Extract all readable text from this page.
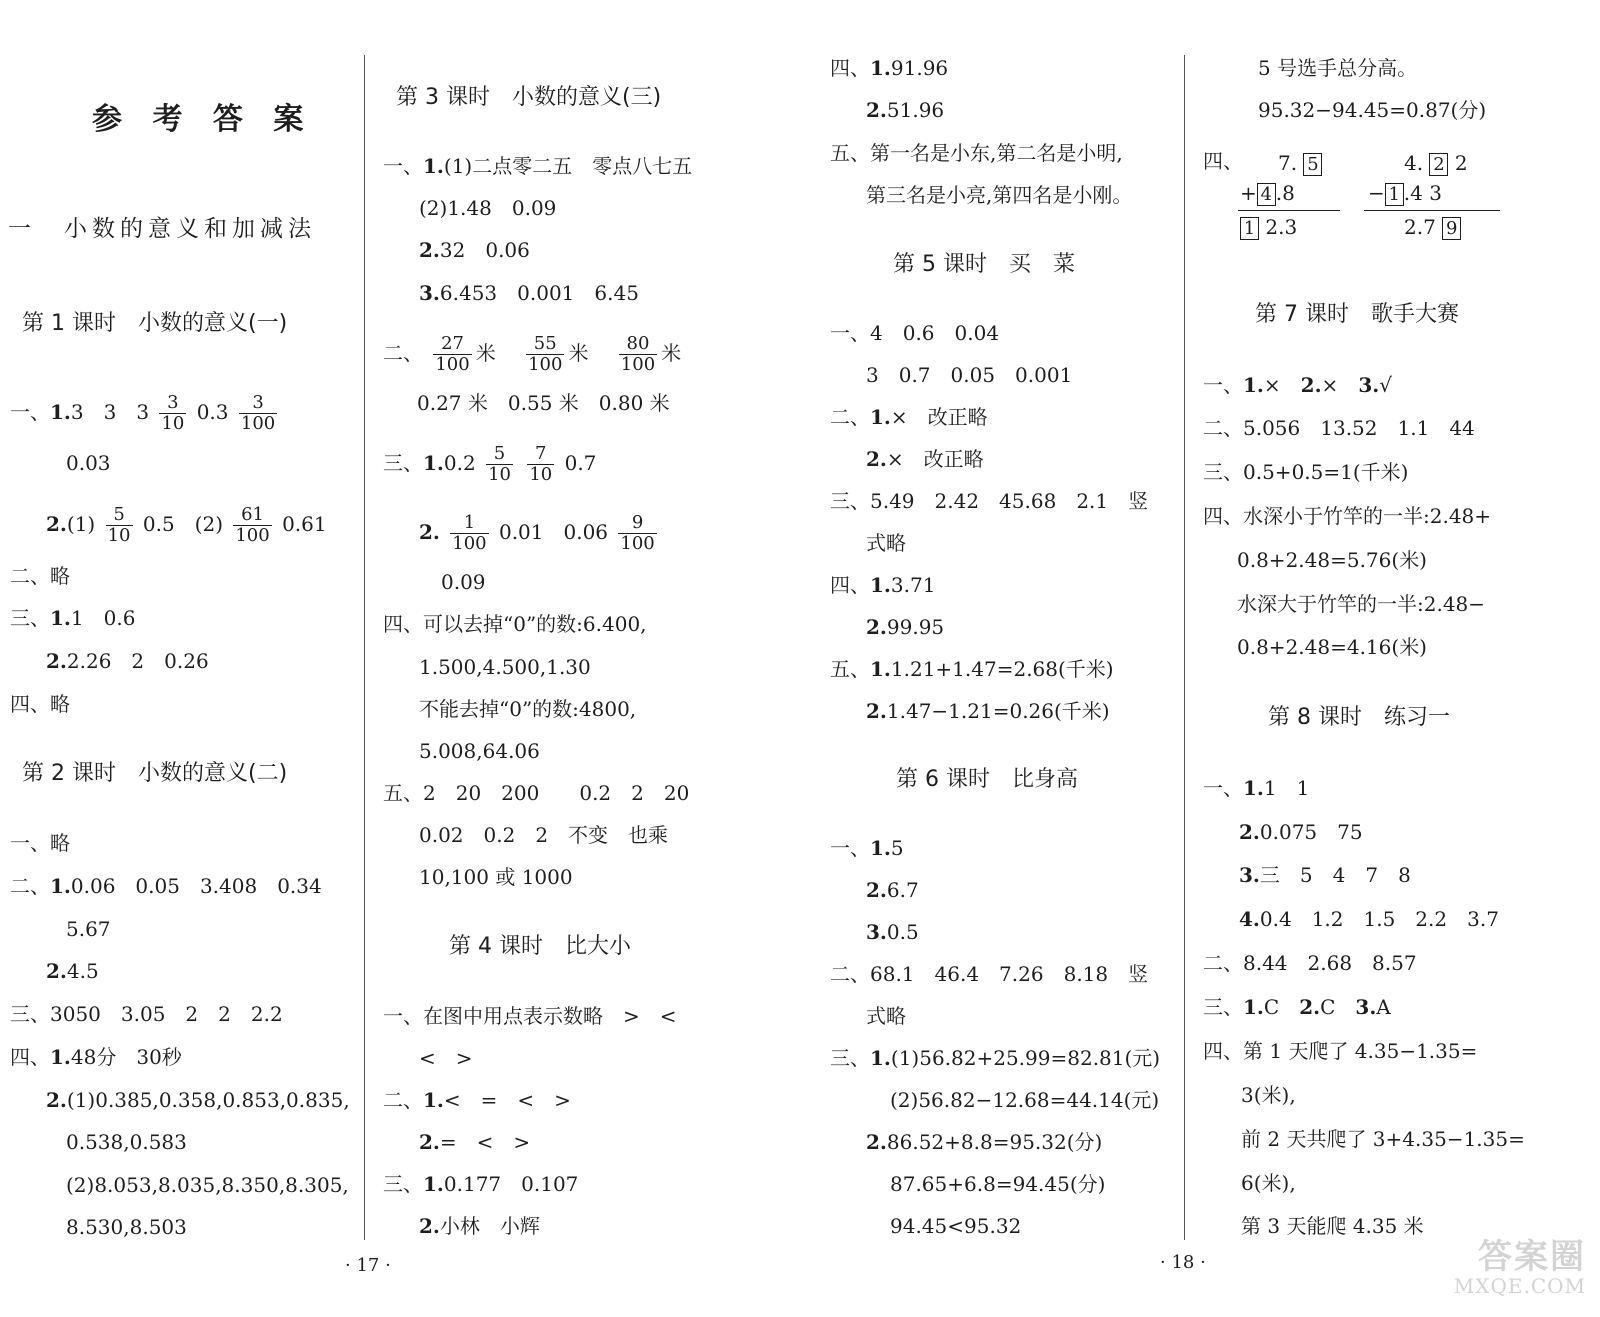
参 考 答 案
一　小数的意义和加减法
第 1 课时　小数的意义(一)
一、1.3　3　$3 \frac{3}{10} 0.3 \frac{3}{100}$
0.03
$2.(1) \frac{5}{10} 0.5$　$(2) \frac{61}{100} 0.61$
二、略
三、1.1　0.6
2.2.26　2　0.26
四、略
第 2 课时　小数的意义(二)
一、略
二、1.0.06　0.05　3.408　0.34
5.67
2.4.5
三、3050　3.05　2　2　2.2
四、1.48分　30秒
2.(1)0.385,0.358,0.853,0.835,
0.538,0.583
(2)8.053,8.035,8.350,8.305,
8.530,8.503
· 17 ·
第 3 课时　小数的意义(三)
一、1.(1)二点零二五　零点八七五
(2)1.48　0.09
2.32　0.06
3.6.453　0.001　6.45
二、 $\frac{27}{100}$ 米　 $\frac{55}{100}$ 米　 $\frac{80}{100}$ 米
0.27 米　0.55 米　0.80 米
三、$1.0.2 \frac{5}{10}$
$\frac{7}{10} 0.7$
2. $\frac{1}{100} 0.01$　$0.06 \frac{9}{100}$
0.09
四、可以去掉“0”的数:6.400,
1.500,4.500,1.30
不能去掉“0”的数:4800,
5.008,64.06
五、2　20　200　　0.2　2　20
0.02　0.2　2　不变　也乘
10,100 或 1000
第 4 课时　比大小
一、在图中用点表示数略　>　<
<　>
二、1.<　=　<　>
2.=　<　>
三、1.0.177　0.107
2.小林　小辉
四、1.91.96
2.51.96
五、第一名是小东,第二名是小明,
第三名是小亮,第四名是小刚。
第 5 课时　买　菜
一、4　0.6　0.04
3　0.7　0.05　0.001
二、1.×　改正略
2.×　改正略
三、5.49　2.42　45.68　2.1　竖
式略
四、1.3.71
2.99.95
五、1.1.21+1.47=2.68(千米)
2.1.47−1.21=0.26(千米)
第 6 课时　比身高
一、1.5
2.6.7
3.0.5
二、68.1　46.4　7.26　8.18　竖
式略
三、1.(1)56.82+25.99=82.81(元)
(2)56.82−12.68=44.14(元)
2.86.52+8.8=95.32(分)
87.65+6.8=94.45(分)
94.45<95.32
· 18 ·
5 号选手总分高。
95.32−94.45=0.87(分)
四、 7. 5
+ 4 .8
1 2.3
4. 2 2
− 1 .4 3
2.7 9
第 7 课时　歌手大赛
一、1.×　2.×　3.√
二、5.056　13.52　1.1　44
三、0.5+0.5=1(千米)
四、水深小于竹竿的一半:2.48+
0.8+2.48=5.76(米)
水深大于竹竿的一半:2.48−
0.8+2.48=4.16(米)
第 8 课时　练习一
一、1.1　1
2.0.075　75
3.三　5　4　7　8
4.0.4　1.2　1.5　2.2　3.7
二、8.44　2.68　8.57
三、1.C　2.C　3.A
四、第 1 天爬了 4.35−1.35=
3(米),
前 2 天共爬了 3+4.35−1.35=
6(米),
第 3 天能爬 4.35 米
答案圈
MXQE.COM
